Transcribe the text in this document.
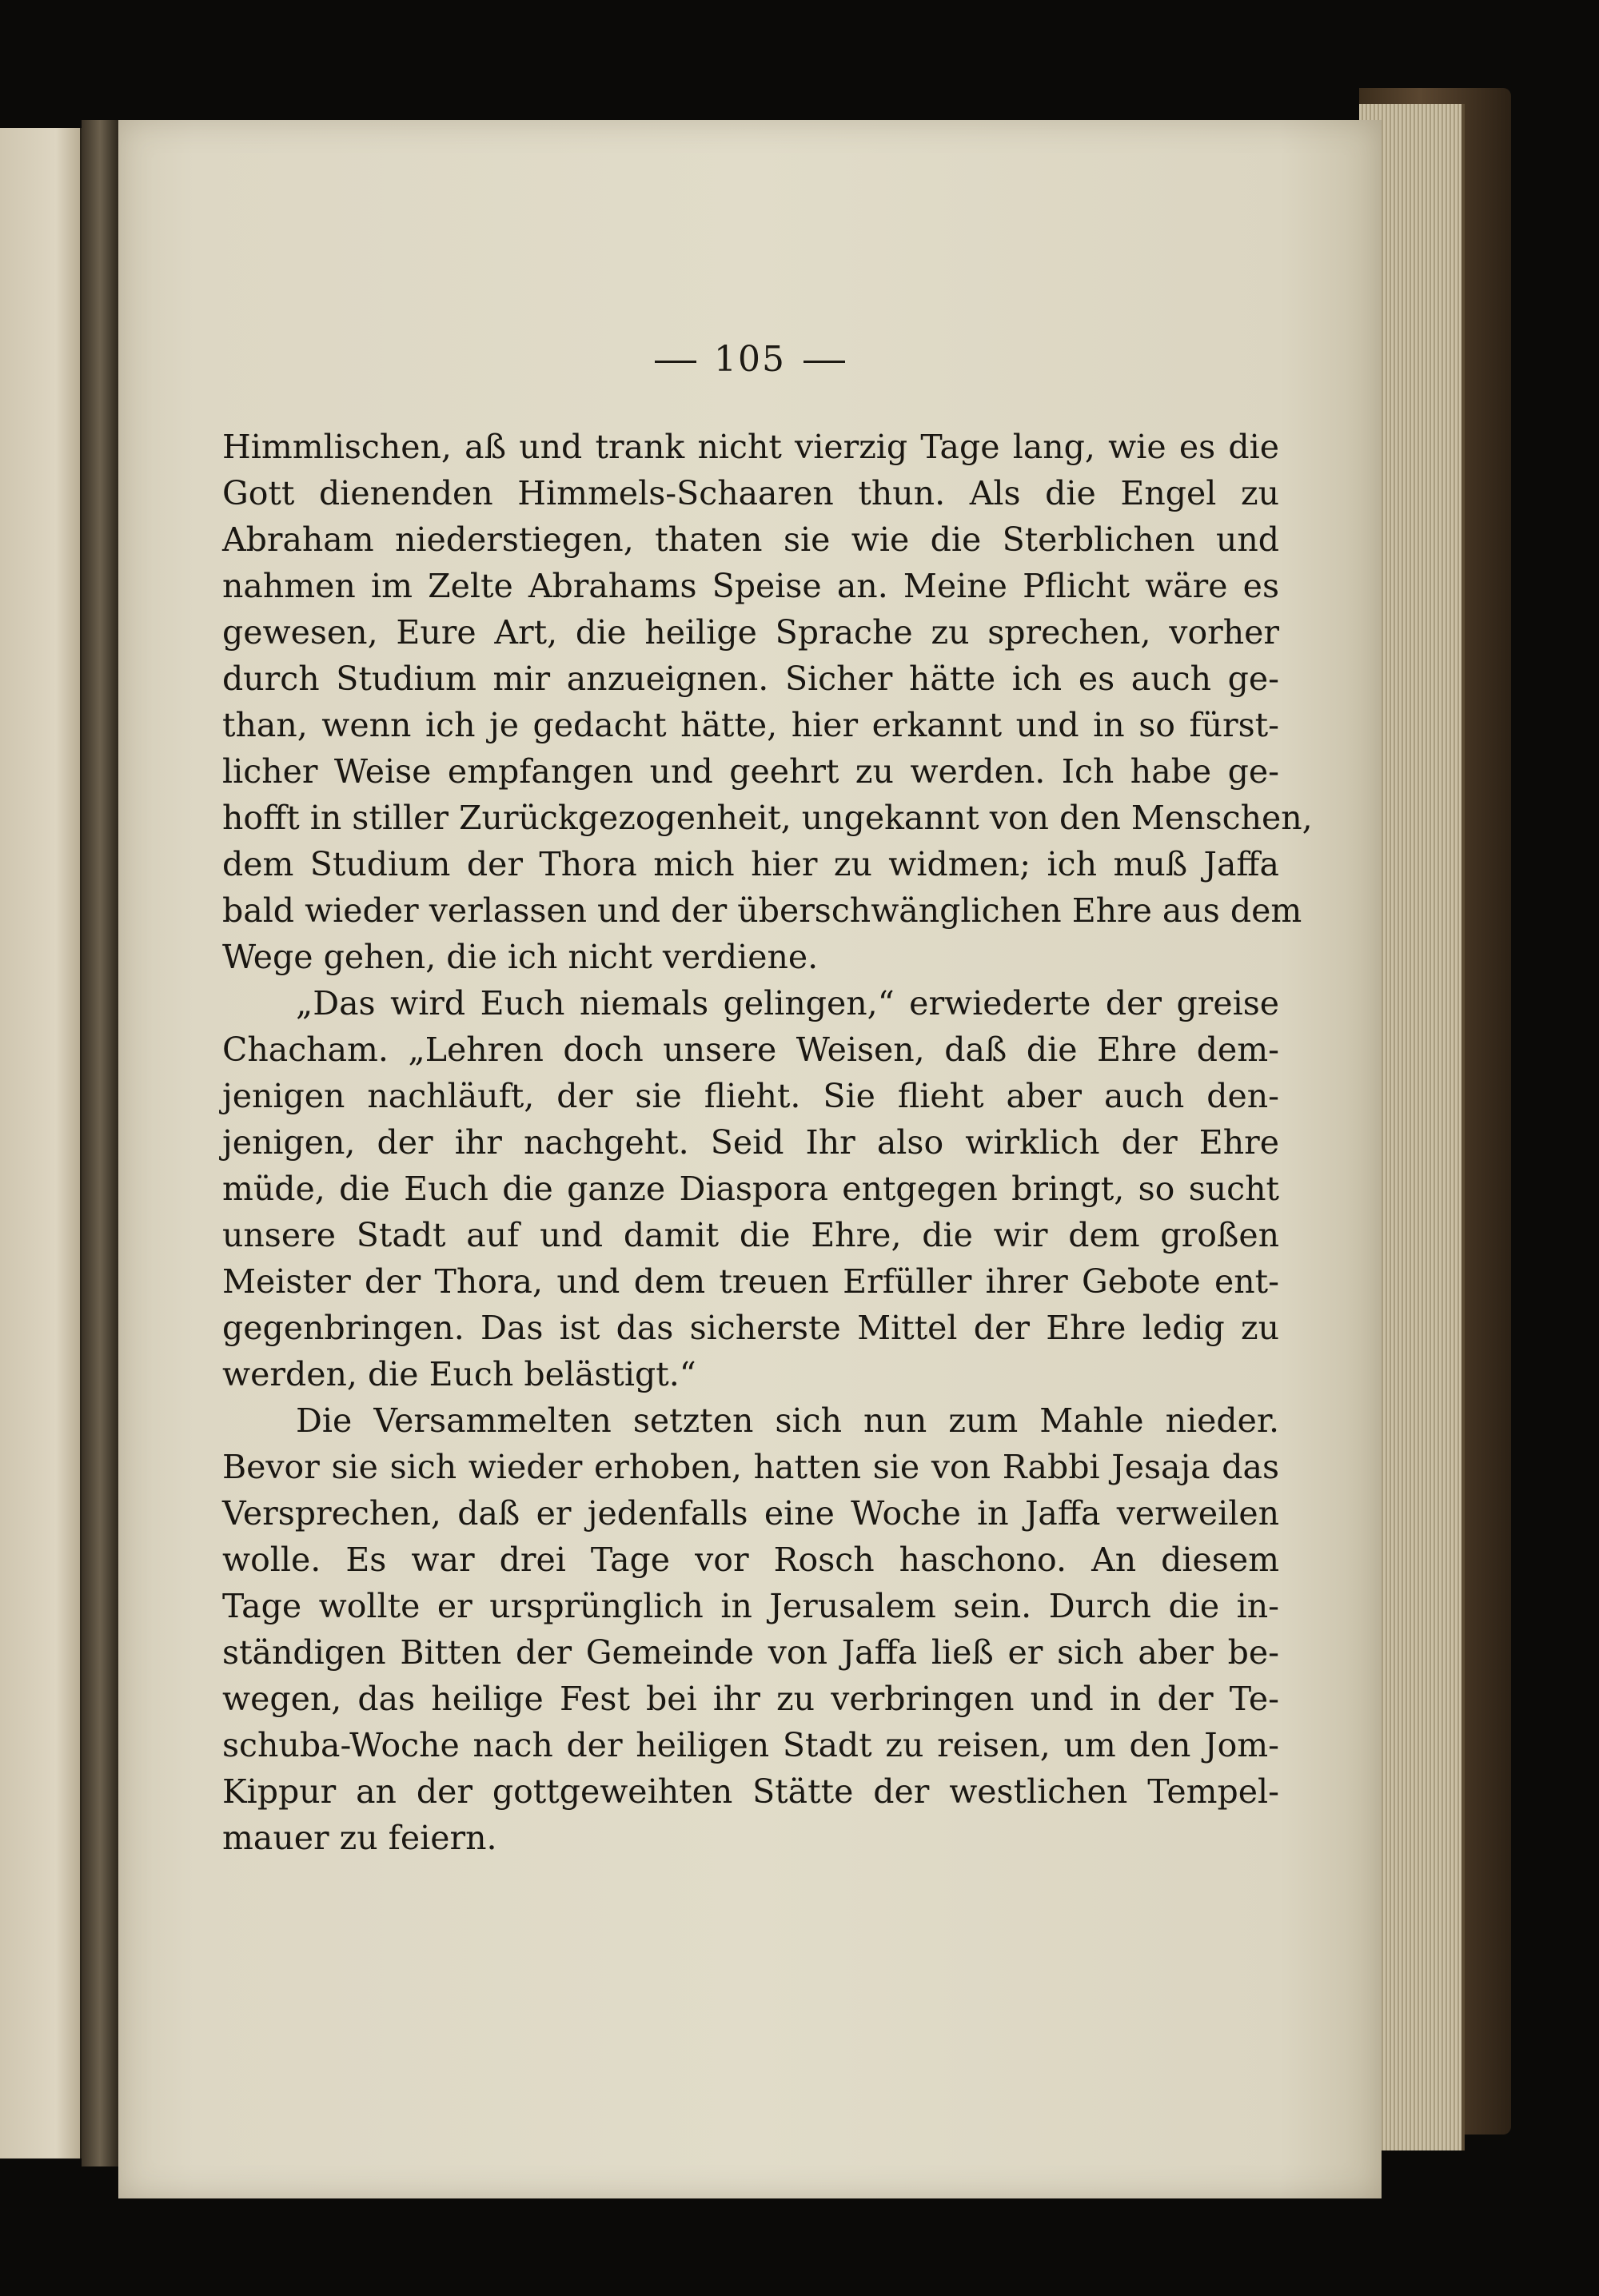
105

Himmlischen, aß und trank nicht vierzig Tage lang, wie es die
Gott dienenden Himmels-Schaaren thun. Als die Engel zu
Abraham niederstiegen, thaten sie wie die Sterblichen und
nahmen im Zelte Abrahams Speise an. Meine Pflicht wäre es
gewesen, Eure Art, die heilige Sprache zu sprechen, vorher
durch Studium mir anzueignen. Sicher hätte ich es auch ge-
than, wenn ich je gedacht hätte, hier erkannt und in so fürst-
licher Weise empfangen und geehrt zu werden. Ich habe ge-
hofft in stiller Zurückgezogenheit, ungekannt von den Menschen,
dem Studium der Thora mich hier zu widmen; ich muß Jaffa
bald wieder verlassen und der überschwänglichen Ehre aus dem
Wege gehen, die ich nicht verdiene.

„Das wird Euch niemals gelingen,“ erwiederte der greise
Chacham. „Lehren doch unsere Weisen, daß die Ehre dem-
jenigen nachläuft, der sie flieht. Sie flieht aber auch den-
jenigen, der ihr nachgeht. Seid Ihr also wirklich der Ehre
müde, die Euch die ganze Diaspora entgegen bringt, so sucht
unsere Stadt auf und damit die Ehre, die wir dem großen
Meister der Thora, und dem treuen Erfüller ihrer Gebote ent-
gegenbringen. Das ist das sicherste Mittel der Ehre ledig zu
werden, die Euch belästigt.“

Die Versammelten setzten sich nun zum Mahle nieder.
Bevor sie sich wieder erhoben, hatten sie von Rabbi Jesaja das
Versprechen, daß er jedenfalls eine Woche in Jaffa verweilen
wolle. Es war drei Tage vor Rosch haschono. An diesem
Tage wollte er ursprünglich in Jerusalem sein. Durch die in-
ständigen Bitten der Gemeinde von Jaffa ließ er sich aber be-
wegen, das heilige Fest bei ihr zu verbringen und in der Te-
schuba-Woche nach der heiligen Stadt zu reisen, um den Jom-
Kippur an der gottgeweihten Stätte der westlichen Tempel-
mauer zu feiern.
